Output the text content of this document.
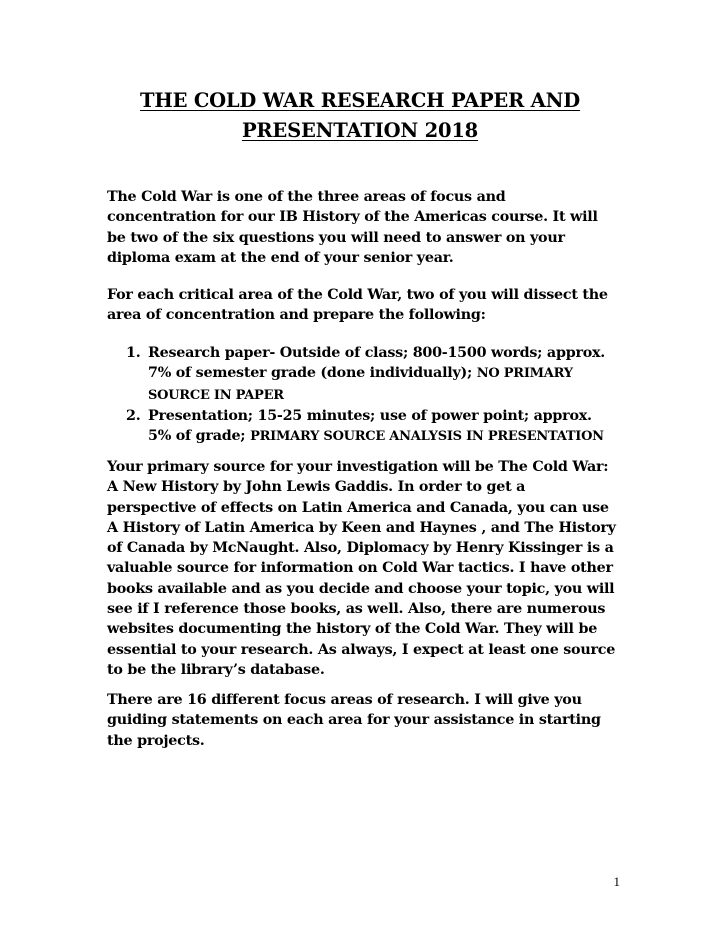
THE COLD WAR RESEARCH PAPER AND PRESENTATION 2018
The Cold War is one of the three areas of focus and concentration for our IB History of the Americas course. It will be two of the six questions you will need to answer on your diploma exam at the end of your senior year.
For each critical area of the Cold War, two of you will dissect the area of concentration and prepare the following:
1. Research paper- Outside of class; 800-1500 words; approx. 7% of semester grade (done individually); NO PRIMARY SOURCE IN PAPER
2. Presentation; 15-25 minutes; use of power point; approx. 5% of grade; PRIMARY SOURCE ANALYSIS IN PRESENTATION
Your primary source for your investigation will be The Cold War: A New History by John Lewis Gaddis. In order to get a perspective of effects on Latin America and Canada, you can use A History of Latin America by Keen and Haynes , and The History of Canada by McNaught. Also, Diplomacy by Henry Kissinger is a valuable source for information on Cold War tactics. I have other books available and as you decide and choose your topic, you will see if I reference those books, as well. Also, there are numerous websites documenting the history of the Cold War. They will be essential to your research. As always, I expect at least one source to be the library’s database.
There are 16 different focus areas of research. I will give you guiding statements on each area for your assistance in starting the projects.
1
